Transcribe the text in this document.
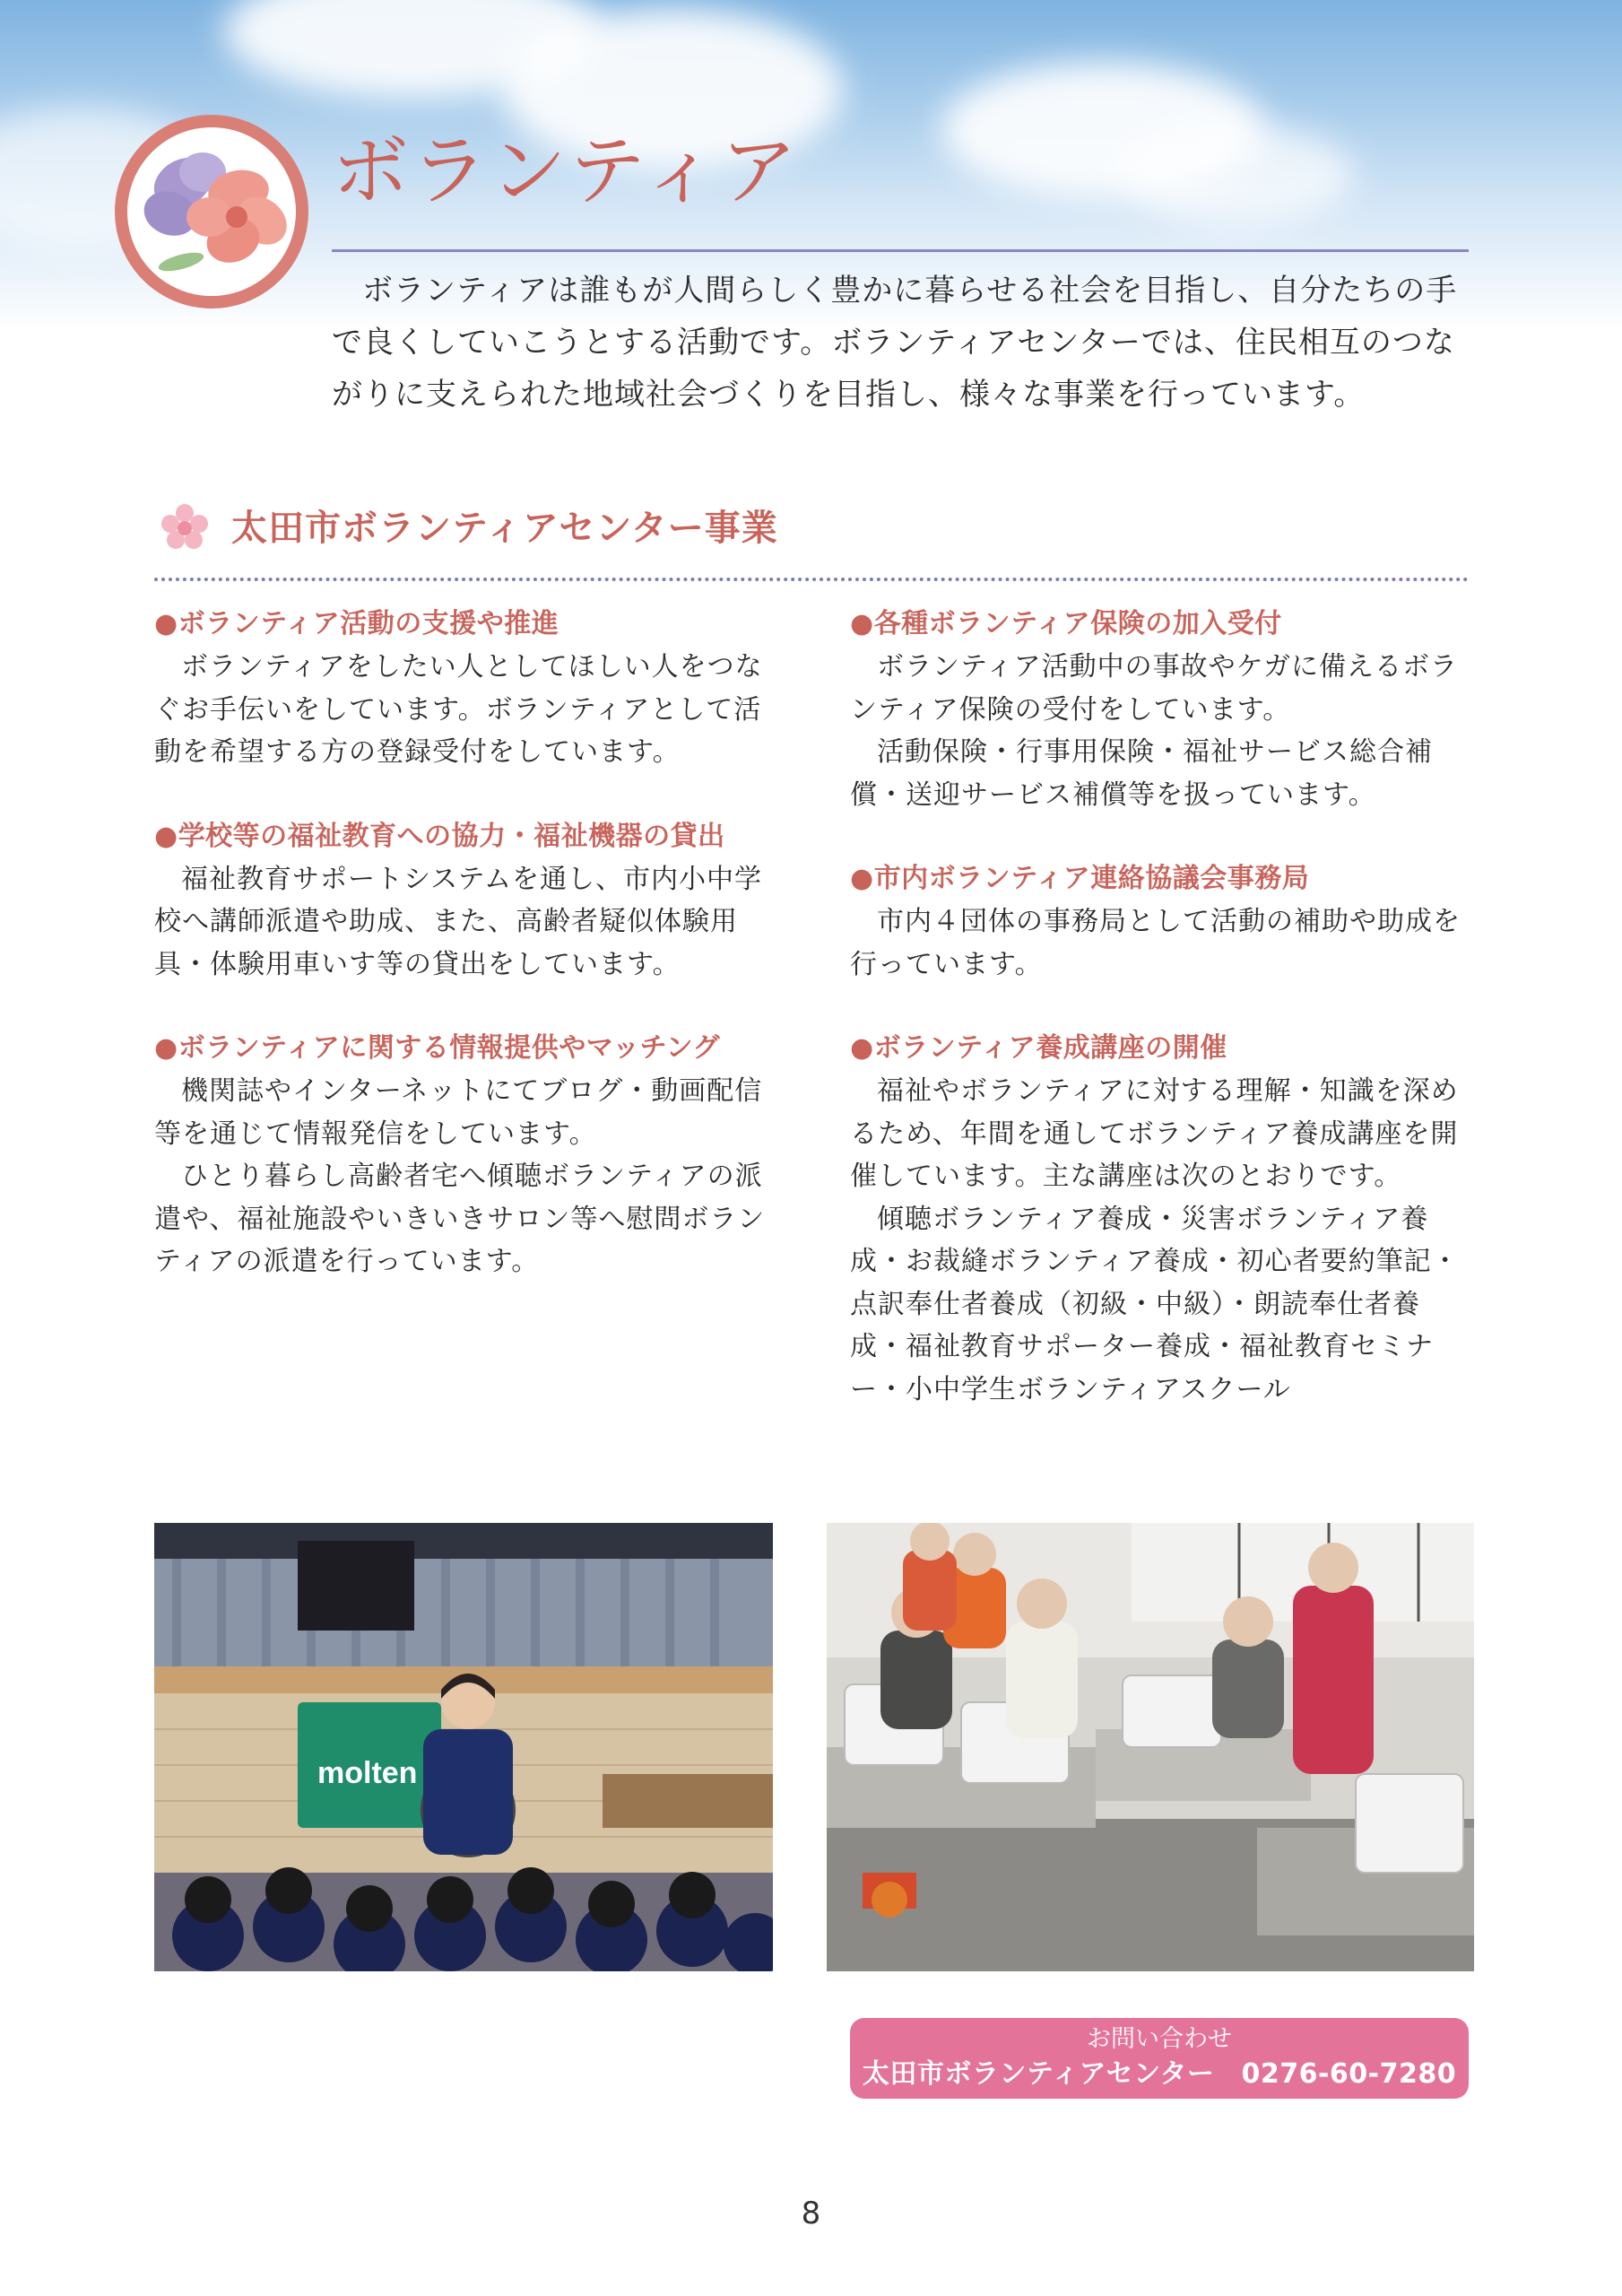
ボランティア

ボランティアは誰もが人間らしく豊かに暮らせる社会を目指し、自分たちの手で良くしていこうとする活動です。ボランティアセンターでは、住民相互のつながりに支えられた地域社会づくりを目指し、様々な事業を行っています。

太田市ボランティアセンター事業
●ボランティア活動の支援や推進

ボランティアをしたい人としてほしい人をつなぐお手伝いをしています。ボランティアとして活動を希望する方の登録受付をしています。

●学校等の福祉教育への協力・福祉機器の貸出

福祉教育サポートシステムを通し、市内小中学校へ講師派遣や助成、また、高齢者疑似体験用具・体験用車いす等の貸出をしています。

●ボランティアに関する情報提供やマッチング

機関誌やインターネットにてブログ・動画配信等を通じて情報発信をしています。

ひとり暮らし高齢者宅へ傾聴ボランティアの派遣や、福祉施設やいきいきサロン等へ慰問ボランティアの派遣を行っています。

●各種ボランティア保険の加入受付

ボランティア活動中の事故やケガに備えるボランティア保険の受付をしています。

活動保険・行事用保険・福祉サービス総合補償・送迎サービス補償等を扱っています。

●市内ボランティア連絡協議会事務局

市内４団体の事務局として活動の補助や助成を行っています。

●ボランティア養成講座の開催

福祉やボランティアに対する理解・知識を深めるため、年間を通してボランティア養成講座を開催しています。主な講座は次のとおりです。

傾聴ボランティア養成・災害ボランティア養成・お裁縫ボランティア養成・初心者要約筆記・点訳奉仕者養成（初級・中級）・朗読奉仕者養成・福祉教育サポーター養成・福祉教育セミナー・小中学生ボランティアスクール

molten

お問い合わせ

太田市ボランティアセンター 0276-60-7280

8
